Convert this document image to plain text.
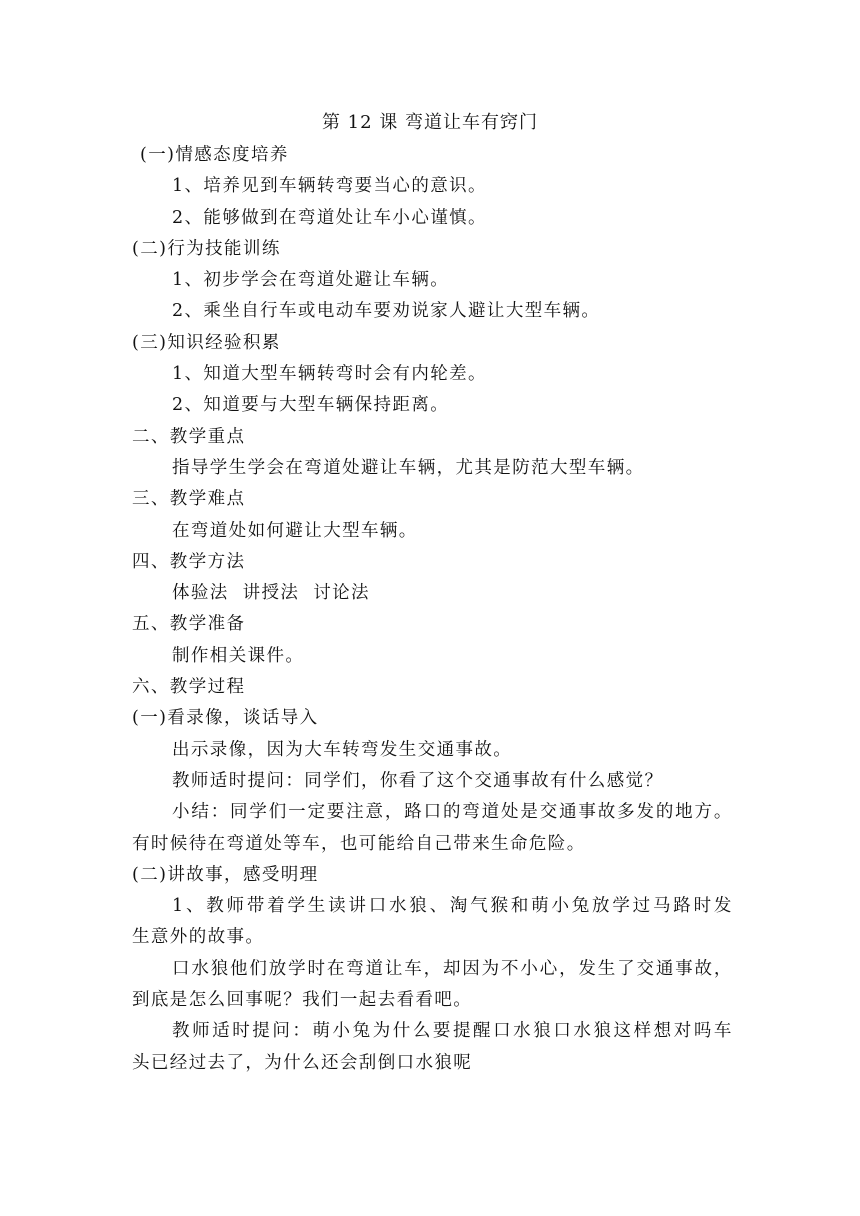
第 12 课 弯道让车有窍门
(一)情感态度培养
1、培养见到车辆转弯要当心的意识。
2、能够做到在弯道处让车小心谨慎。
(二)行为技能训练
1、初步学会在弯道处避让车辆。
2、乘坐自行车或电动车要劝说家人避让大型车辆。
(三)知识经验积累
1、知道大型车辆转弯时会有内轮差。
2、知道要与大型车辆保持距离。
二、教学重点
指导学生学会在弯道处避让车辆，尤其是防范大型车辆。
三、教学难点
在弯道处如何避让大型车辆。
四、教学方法
体验法  讲授法  讨论法
五、教学准备
制作相关课件。
六、教学过程
(一)看录像，谈话导入
出示录像，因为大车转弯发生交通事故。
教师适时提问：同学们，你看了这个交通事故有什么感觉？
小结：同学们一定要注意，路口的弯道处是交通事故多发的地方。
有时候待在弯道处等车，也可能给自己带来生命危险。
(二)讲故事，感受明理
1、教师带着学生读讲口水狼、淘气猴和萌小兔放学过马路时发
生意外的故事。
口水狼他们放学时在弯道让车，却因为不小心，发生了交通事故，
到底是怎么回事呢？我们一起去看看吧。
教师适时提问：萌小兔为什么要提醒口水狼口水狼这样想对吗车
头已经过去了，为什么还会刮倒口水狼呢
